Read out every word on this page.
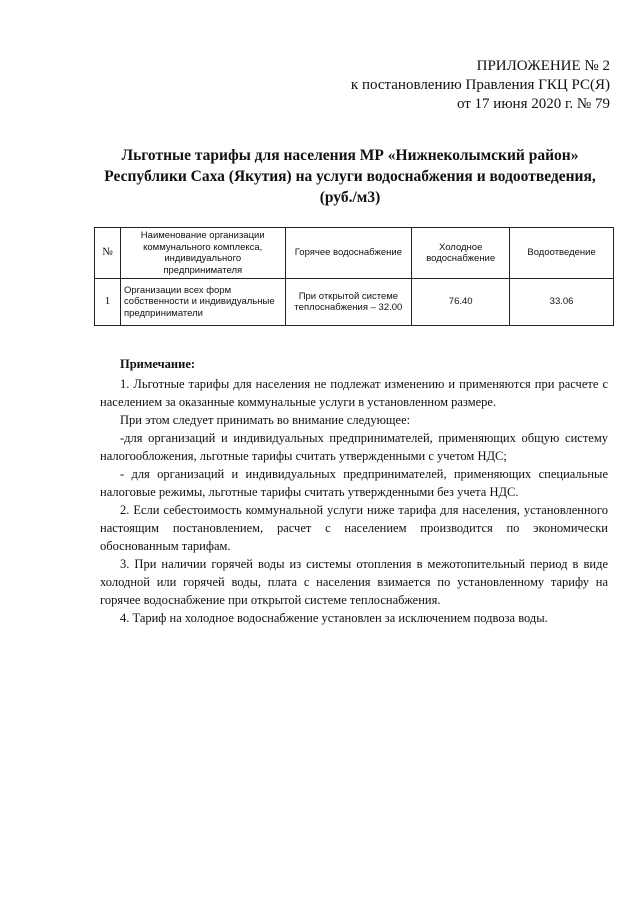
ПРИЛОЖЕНИЕ № 2
к постановлению Правления ГКЦ РС(Я)
от 17 июня 2020 г. № 79
Льготные тарифы для населения МР «Нижнеколымский район»
Республики Саха (Якутия) на услуги водоснабжения и водоотведения,
(руб./м3)
№	Наименование организации коммунального комплекса, индивидуального предпринимателя	Горячее водоснабжение	Холодное водоснабжение	Водоотведение
1	Организации всех форм собственности и индивидуальные предприниматели	При открытой системе теплоснабжения – 32.00	76.40	33.06

Примечание:

1. Льготные тарифы для населения не подлежат изменению и применяются при расчете с населением за оказанные коммунальные услуги в установленном размере.

При этом следует принимать во внимание следующее:

-для организаций и индивидуальных предпринимателей, применяющих общую систему налогообложения, льготные тарифы считать утвержденными с учетом НДС;

- для организаций и индивидуальных предпринимателей, применяющих специальные налоговые режимы, льготные тарифы считать утвержденными без учета НДС.

2. Если себестоимость коммунальной услуги ниже тарифа для населения, установленного настоящим постановлением, расчет с населением производится по экономически обоснованным тарифам.

3. При наличии горячей воды из системы отопления в межотопительный период в виде холодной или горячей воды, плата с населения взимается по установленному тарифу на горячее водоснабжение при открытой системе теплоснабжения.

4. Тариф на холодное водоснабжение установлен за исключением подвоза воды.
